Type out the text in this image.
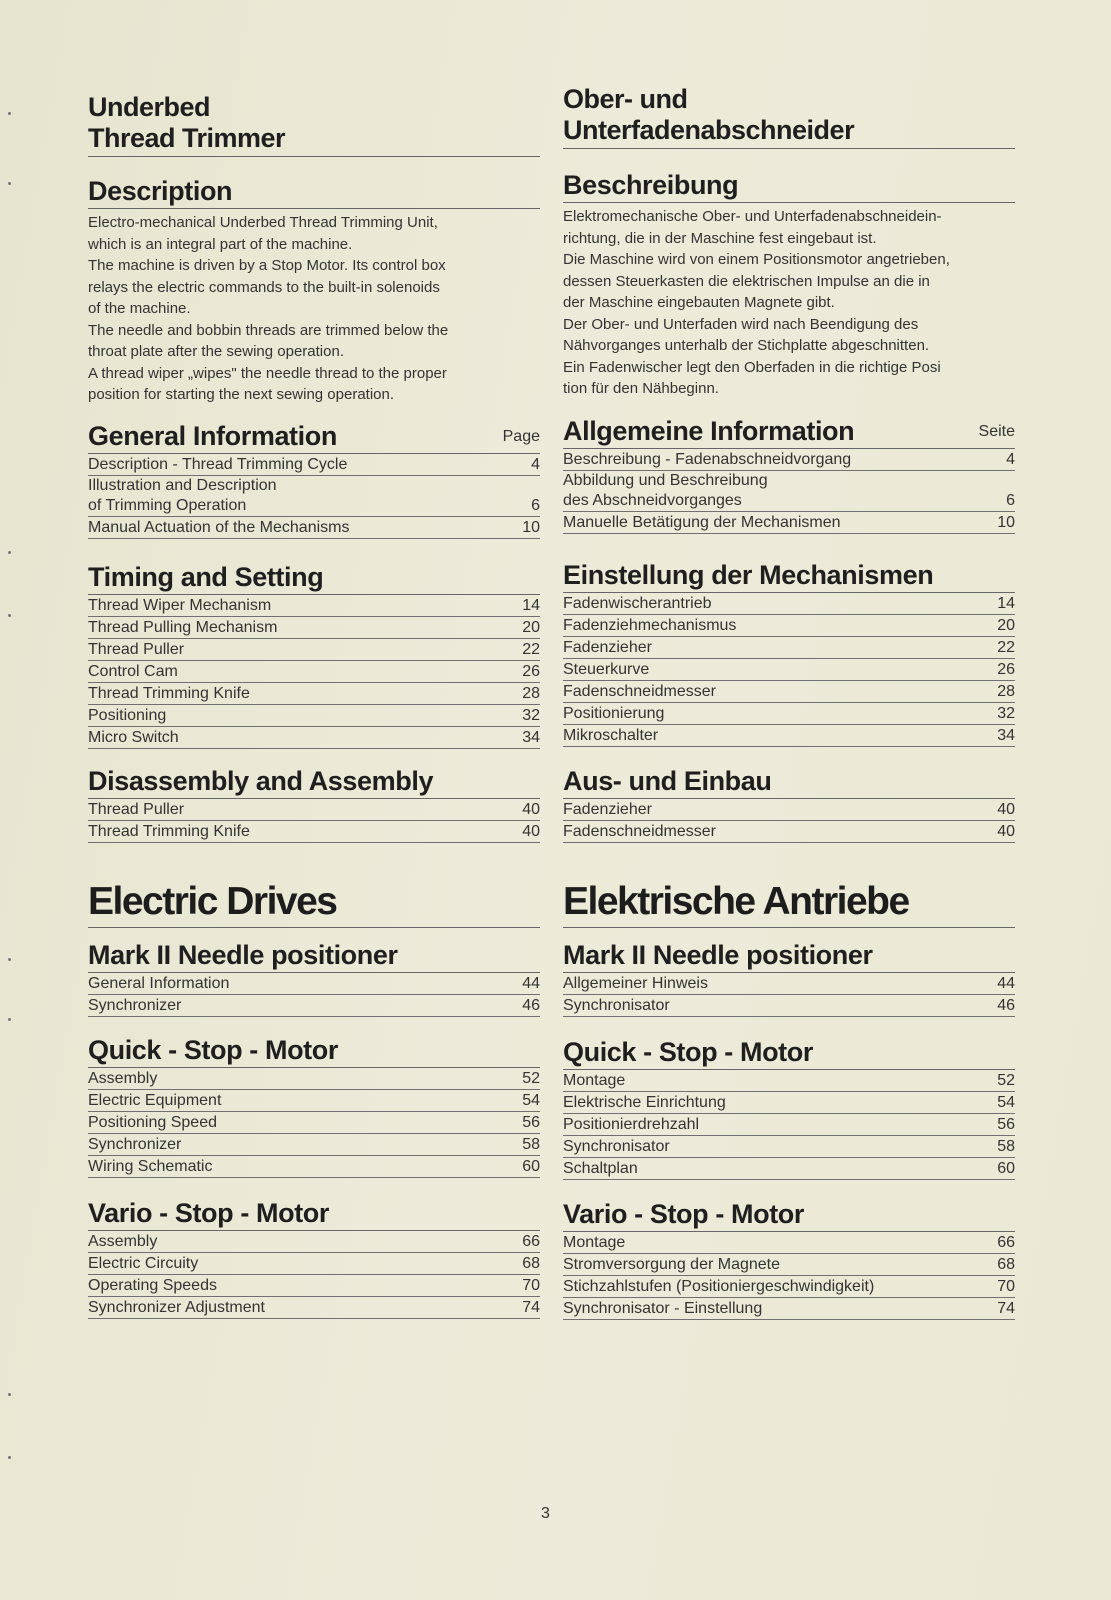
Underbed
Thread Trimmer
Description
Electro-mechanical Underbed Thread Trimming Unit,
which is an integral part of the machine.
The machine is driven by a Stop Motor. Its control box
relays the electric commands to the built-in solenoids
of the machine.
The needle and bobbin threads are trimmed below the
throat plate after the sewing operation.
A thread wiper „wipes" the needle thread to the proper
position for starting the next sewing operation.
General Information	Page
Description - Thread Trimming Cycle	4
Illustration and Description
of Trimming Operation	6
Manual Actuation of the Mechanisms	10
Timing and Setting
Thread Wiper Mechanism	14
Thread Pulling Mechanism	20
Thread Puller	22
Control Cam	26
Thread Trimming Knife	28
Positioning	32
Micro Switch	34
Disassembly and Assembly
Thread Puller	40
Thread Trimming Knife	40
Electric Drives
Mark II Needle positioner
General Information	44
Synchronizer	46
Quick - Stop - Motor
Assembly	52
Electric Equipment	54
Positioning Speed	56
Synchronizer	58
Wiring Schematic	60
Vario - Stop - Motor
Assembly	66
Electric Circuity	68
Operating Speeds	70
Synchronizer Adjustment	74
Ober- und
Unterfadenabschneider
Beschreibung
Elektromechanische Ober- und Unterfadenabschneidein-
richtung, die in der Maschine fest eingebaut ist.
Die Maschine wird von einem Positionsmotor angetrieben,
dessen Steuerkasten die elektrischen Impulse an die in
der Maschine eingebauten Magnete gibt.
Der Ober- und Unterfaden wird nach Beendigung des
Nähvorganges unterhalb der Stichplatte abgeschnitten.
Ein Fadenwischer legt den Oberfaden in die richtige Posi
tion für den Nähbeginn.
Allgemeine Information	Seite
Beschreibung - Fadenabschneidvorgang	4
Abbildung und Beschreibung
des Abschneidvorganges	6
Manuelle Betätigung der Mechanismen	10
Einstellung der Mechanismen
Fadenwischerantrieb	14
Fadenziehmechanismus	20
Fadenzieher	22
Steuerkurve	26
Fadenschneidmesser	28
Positionierung	32
Mikroschalter	34
Aus- und Einbau
Fadenzieher	40
Fadenschneidmesser	40
Elektrische Antriebe
Mark II Needle positioner
Allgemeiner Hinweis	44
Synchronisator	46
Quick - Stop - Motor
Montage	52
Elektrische Einrichtung	54
Positionierdrehzahl	56
Synchronisator	58
Schaltplan	60
Vario - Stop - Motor
Montage	66
Stromversorgung der Magnete	68
Stichzahlstufen (Positioniergeschwindigkeit)	70
Synchronisator - Einstellung	74
3
